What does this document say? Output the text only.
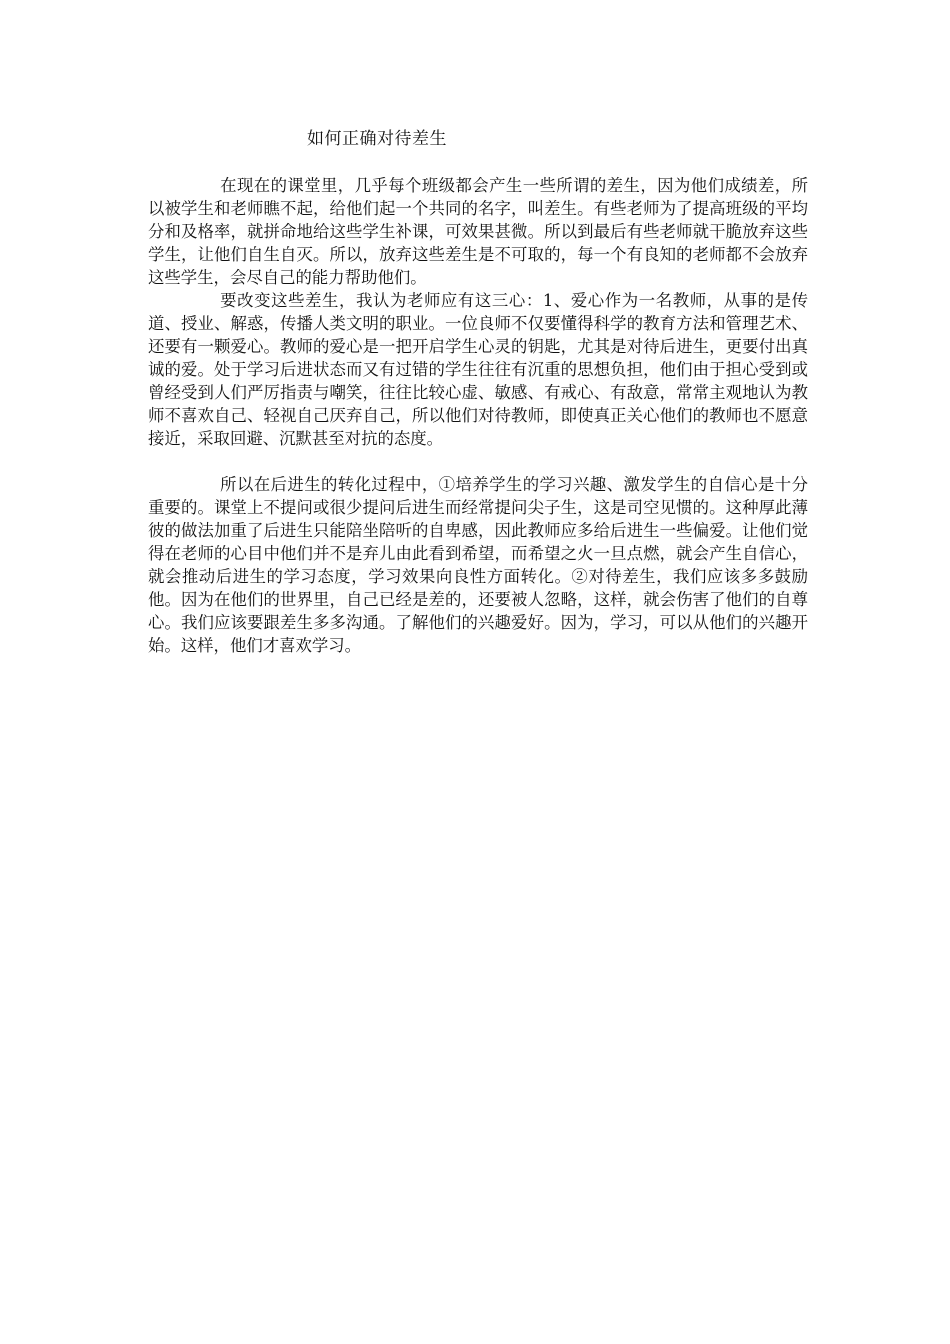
如何正确对待差生

在现在的课堂里，几乎每个班级都会产生一些所谓的差生，因为他们成绩差，所以被学生和老师瞧不起，给他们起一个共同的名字，叫差生。有些老师为了提高班级的平均分和及格率，就拼命地给这些学生补课，可效果甚微。所以到最后有些老师就干脆放弃这些学生，让他们自生自灭。所以，放弃这些差生是不可取的，每一个有良知的老师都不会放弃这些学生，会尽自己的能力帮助他们。

要改变这些差生，我认为老师应有这三心：1、爱心作为一名教师，从事的是传道、授业、解惑，传播人类文明的职业。一位良师不仅要懂得科学的教育方法和管理艺术、还要有一颗爱心。教师的爱心是一把开启学生心灵的钥匙，尤其是对待后进生，更要付出真诚的爱。处于学习后进状态而又有过错的学生往往有沉重的思想负担，他们由于担心受到或曾经受到人们严厉指责与嘲笑，往往比较心虚、敏感、有戒心、有敌意，常常主观地认为教师不喜欢自己、轻视自己厌弃自己，所以他们对待教师，即使真正关心他们的教师也不愿意接近，采取回避、沉默甚至对抗的态度。

所以在后进生的转化过程中，①培养学生的学习兴趣、激发学生的自信心是十分重要的。课堂上不提问或很少提问后进生而经常提问尖子生，这是司空见惯的。这种厚此薄彼的做法加重了后进生只能陪坐陪听的自卑感，因此教师应多给后进生一些偏爱。让他们觉得在老师的心目中他们并不是弃儿由此看到希望，而希望之火一旦点燃，就会产生自信心，就会推动后进生的学习态度，学习效果向良性方面转化。②对待差生，我们应该多多鼓励他。因为在他们的世界里，自己已经是差的，还要被人忽略，这样，就会伤害了他们的自尊心。我们应该要跟差生多多沟通。了解他们的兴趣爱好。因为，学习，可以从他们的兴趣开始。这样，他们才喜欢学习。
